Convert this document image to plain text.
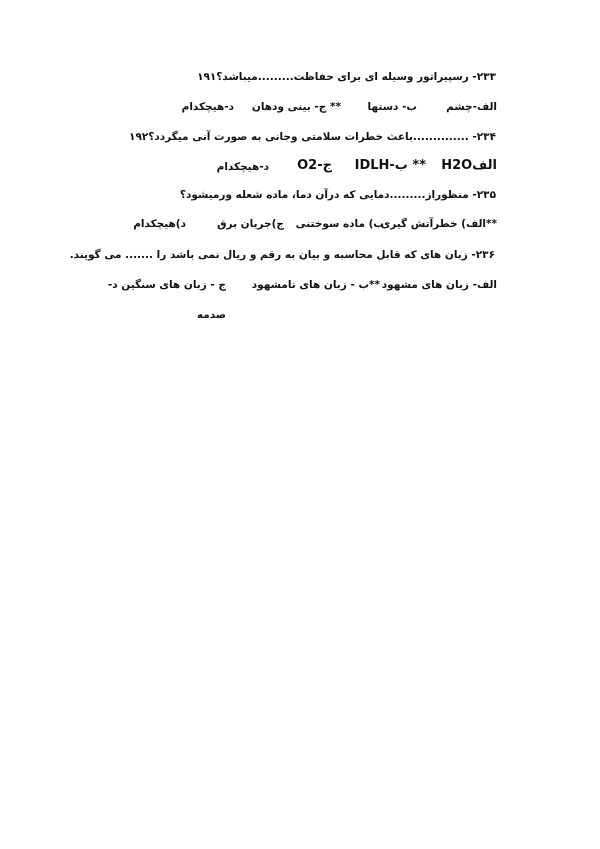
۲۳۳- رسپیراتور وسیله ای برای حفاظت.........میباشد؟۱۹۱
الف-چشم
ب- دستها
** ج- بینی ودهان
د-هیچکدام
۲۳۴- ..............باعث خطرات سلامتی وجانی به صورت آنی میگردد؟۱۹۲
الفH2O
** ب-IDLH
ج-O2
د-هیچکدام
۲۳۵- منظوراز.........دمایی که درآن دما، ماده شعله ورمیشود؟
**الف) خطرآتش گیری
ب) ماده سوختنی
ج)جریان برق
د)هیچکدام
۲۳۶- زبان های که قابل محاسبه و بیان به رقم و ریال نمی باشد را ....... می گویند.
الف- زبان های مشهود
**ب - زبان های نامشهود
ج - زبان های سنگین د-
صدمه
